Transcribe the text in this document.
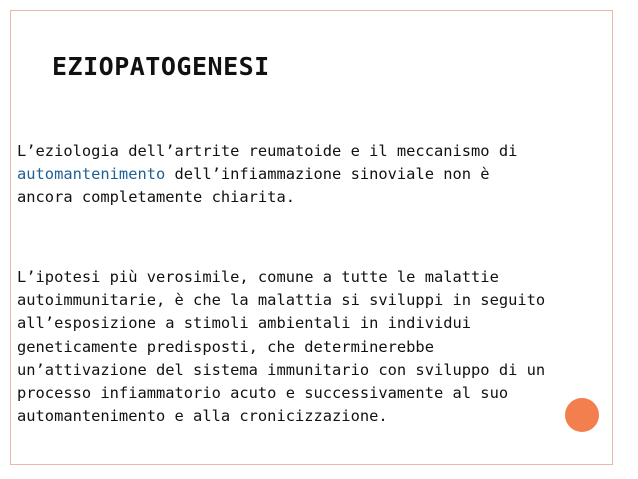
EZIOPATOGENESI

L’eziologia dell’artrite reumatoide e il meccanismo di
automantenimento dell’infiammazione sinoviale non è
ancora completamente chiarita.

L’ipotesi più verosimile, comune a tutte le malattie
autoimmunitarie, è che la malattia si sviluppi in seguito
all’esposizione a stimoli ambientali in individui
geneticamente predisposti, che determinerebbe
un’attivazione del sistema immunitario con sviluppo di un
processo infiammatorio acuto e successivamente al suo
automantenimento e alla cronicizzazione.
